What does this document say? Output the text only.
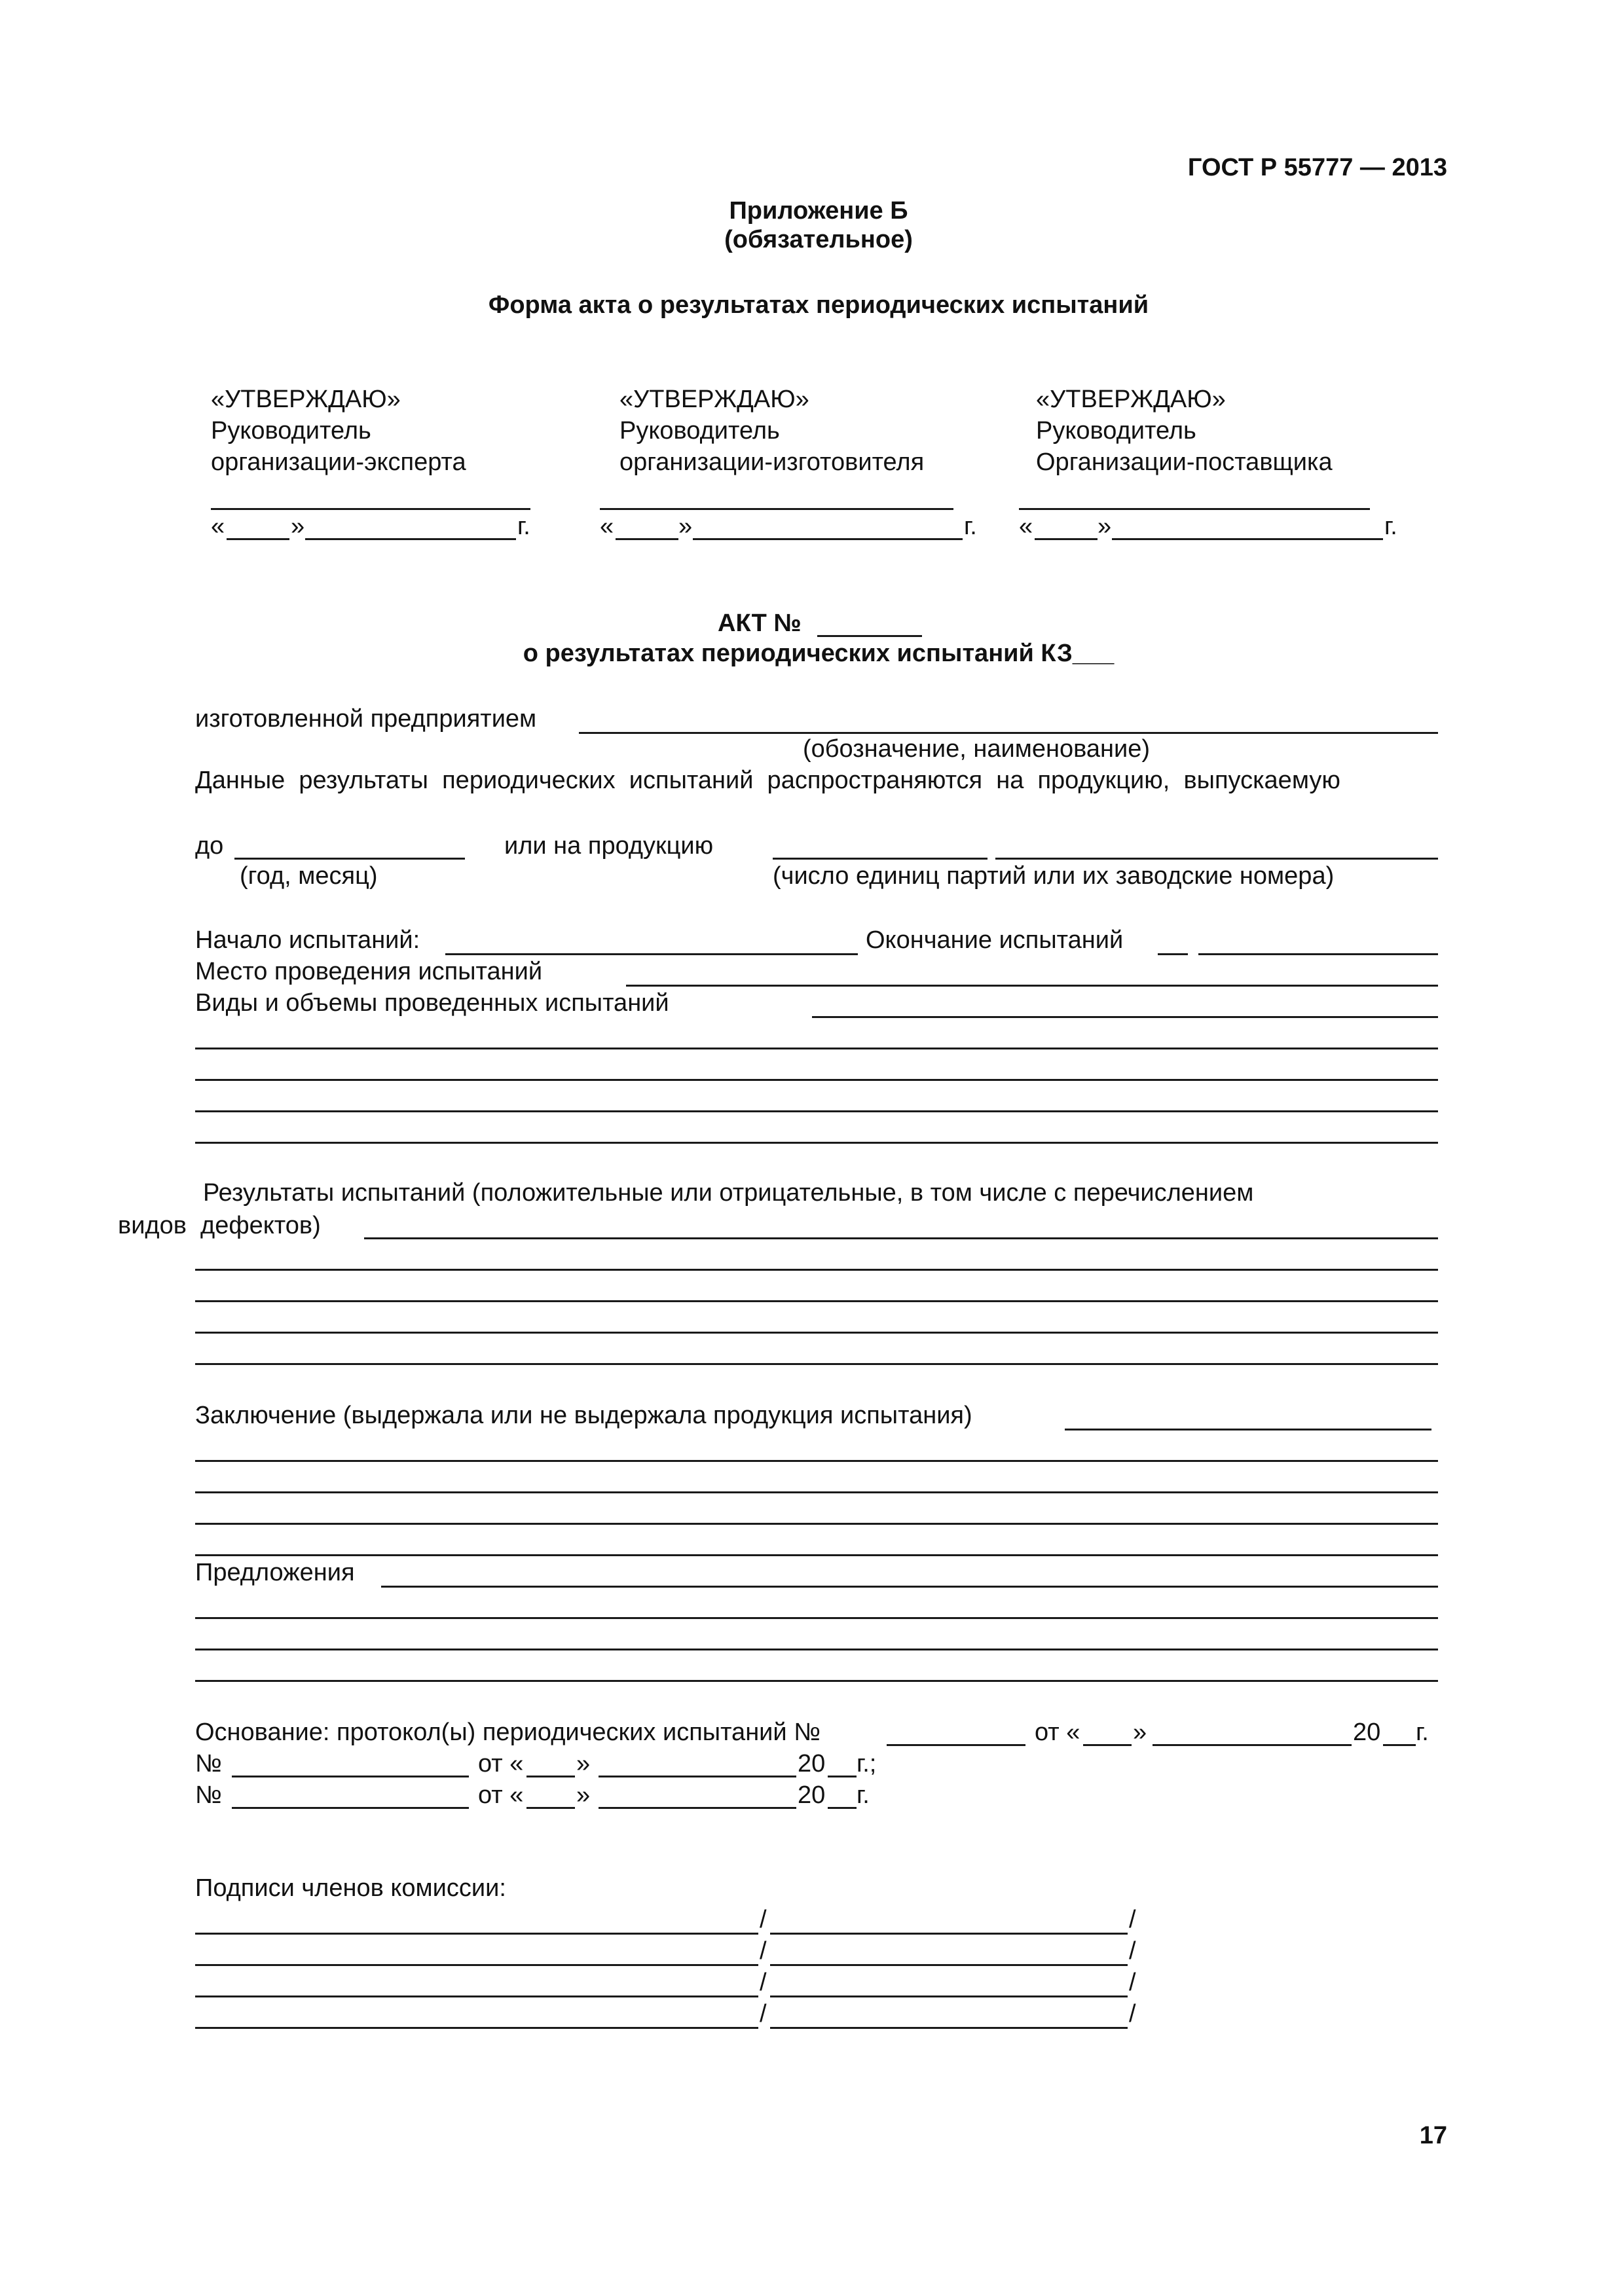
ГОСТ Р 55777 — 2013
Приложение Б
(обязательное)
Форма акта о результатах периодических испытаний
«УТВЕРЖДАЮ»
Руководитель
организации-эксперта
«	»	г.
«УТВЕРЖДАЮ»
Руководитель
организации-изготовителя
«	»	г.
«УТВЕРЖДАЮ»
Руководитель
Организации-поставщика
«	»	г.
АКТ №
о результатах периодических испытаний КЗ___
изготовленной предприятием
(обозначение, наименование)
Данные  результаты  периодических  испытаний  распространяются  на  продукцию,  выпускаемую
до	или на продукцию
(год, месяц)	(число единиц партий или их заводские номера)
Начало испытаний:	Окончание испытаний
Место проведения испытаний
Виды и объемы проведенных испытаний
Результаты испытаний (положительные или отрицательные, в том числе с перечислением
видов  дефектов)
Заключение (выдержала или не выдержала продукция испытания)
Предложения
Основание: протокол(ы) периодических испытаний №	от « »	20 г.
№	от « »	20 г.;
№	от « »	20 г.
Подписи членов комиссии:
/	/
/	/
/	/
/	/
17
